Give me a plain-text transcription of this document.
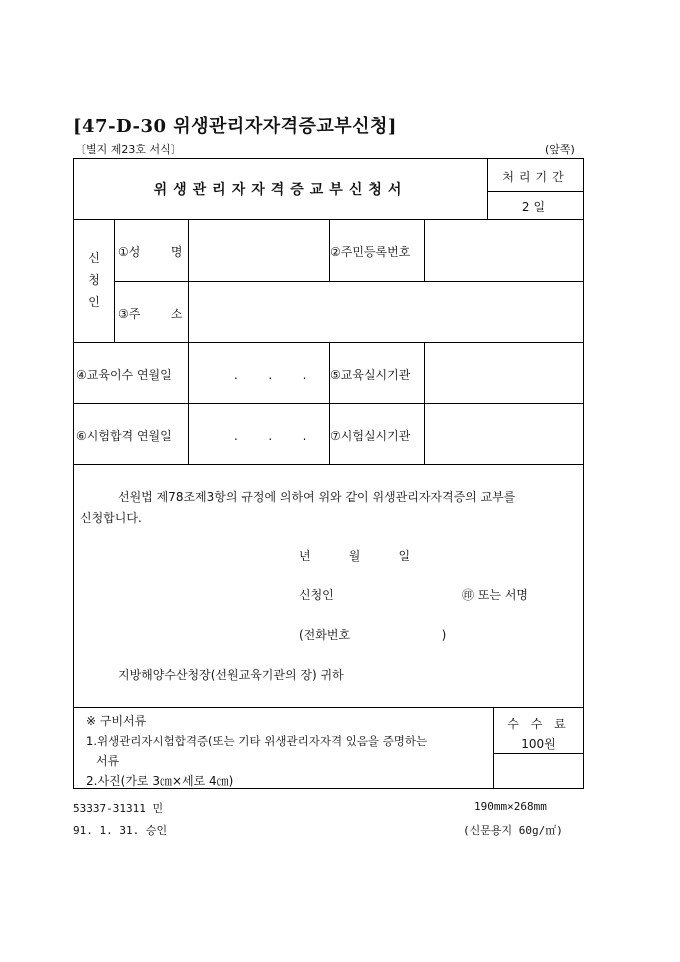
[47-D-30 위생관리자자격증교부신청]
〔별지 제23호 서식〕	(앞쪽)
위생관리자자격증교부신청서
처리기간
2일
신청인
①성        명	②주민등록번호
③주        소
④교육이수 연월일	.        .        . ⑤교육실시기관
⑥시험합격 연월일	.        .        . ⑦시험실시기관
선원법 제78조제3항의 규정에 의하여 위와 같이 위생관리자자격증의 교부를
신청합니다.
년          월          일
신청인	㊞ 또는 서명
(전화번호                        )
지방해양수산청장(선원교육기관의 장) 귀하
※ 구비서류
1.위생관리자시험합격증(또는 기타 위생관리자자격 있음을 증명하는
서류
2.사진(가로 3㎝×세로 4㎝)
수 수 료
100원
53337-31311 민
91. 1. 31. 승인
190mm×268mm
(신문용지 60g/㎡)
